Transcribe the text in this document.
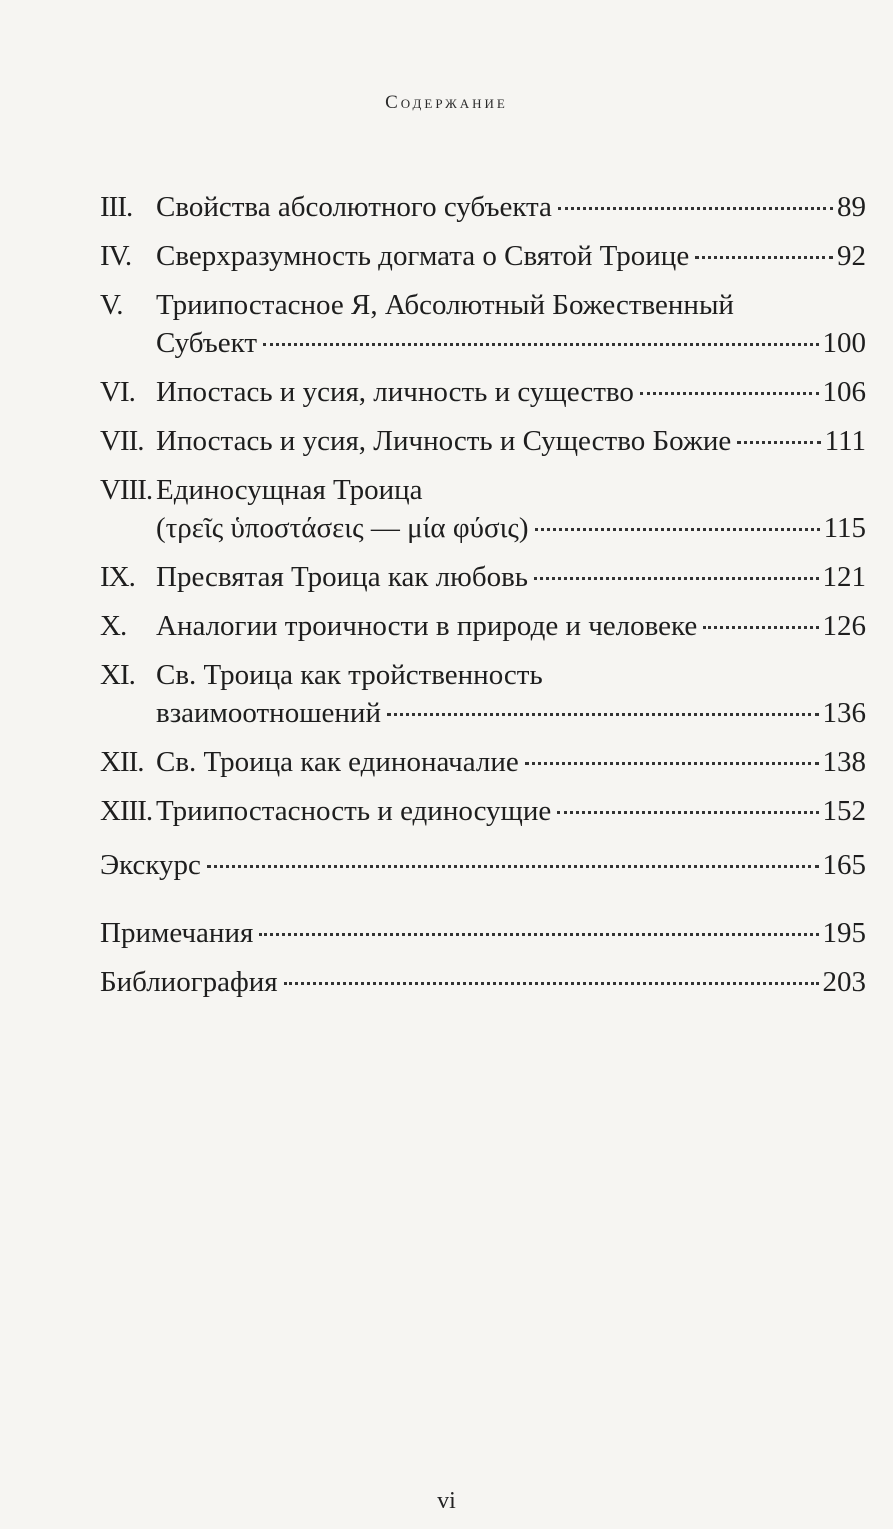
Содержание
III. Свойства абсолютного субъекта	89
IV. Сверхразумность догмата о Святой Троице	92
V.	Триипостасное Я, Абсолютный Божественный
Субъект	100
VI. Ипостась и усия, личность и существо	106
VII. Ипостась и усия, Личность и Существо Божие	111
VIII. Единосущная Троица
(τρεῖς ὑποστάσεις — μία φύσις)	115
IX. Пресвятая Троица как любовь	121
X.	Аналогии троичности в природе и человеке	126
XI. Св. Троица как тройственность
взаимоотношений	136
XII. Св. Троица как единоначалие	138
XIII. Триипостасность и единосущие	152
Экскурс	165
Примечания	195
Библиография	203
vi
